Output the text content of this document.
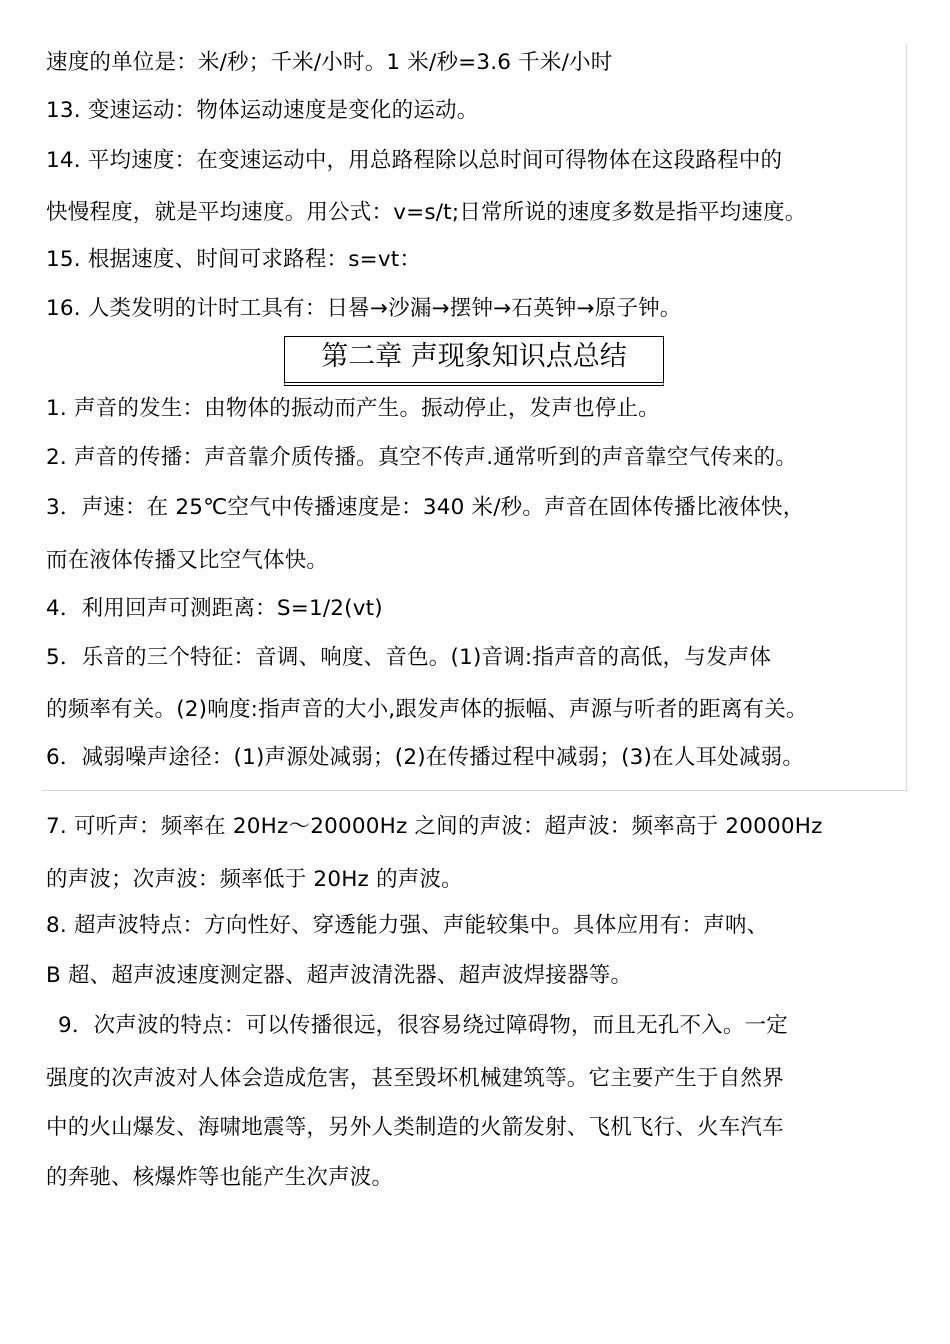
速度的单位是：米/秒；千米/小时。1 米/秒=3.6 千米/小时
13. 变速运动：物体运动速度是变化的运动。
14. 平均速度：在变速运动中，用总路程除以总时间可得物体在这段路程中的
快慢程度，就是平均速度。用公式：v=s/t;日常所说的速度多数是指平均速度。
15. 根据速度、时间可求路程：s=vt：
16. 人类发明的计时工具有：日晷→沙漏→摆钟→石英钟→原子钟。
第二章 声现象知识点总结
1. 声音的发生：由物体的振动而产生。振动停止，发声也停止。
2. 声音的传播：声音靠介质传播。真空不传声.通常听到的声音靠空气传来的。
3．声速：在 25℃空气中传播速度是：340 米/秒。声音在固体传播比液体快，
而在液体传播又比空气体快。
4．利用回声可测距离：S=1/2(vt)
5．乐音的三个特征：音调、响度、音色。(1)音调:指声音的高低，与发声体
的频率有关。(2)响度:指声音的大小,跟发声体的振幅、声源与听者的距离有关。
6．减弱噪声途径：(1)声源处减弱；(2)在传播过程中减弱；(3)在人耳处减弱。
7. 可听声：频率在 20Hz～20000Hz 之间的声波：超声波：频率高于 20000Hz
的声波；次声波：频率低于 20Hz 的声波。
8. 超声波特点：方向性好、穿透能力强、声能较集中。具体应用有：声呐、
B 超、超声波速度测定器、超声波清洗器、超声波焊接器等。
9．次声波的特点：可以传播很远，很容易绕过障碍物，而且无孔不入。一定
强度的次声波对人体会造成危害，甚至毁坏机械建筑等。它主要产生于自然界
中的火山爆发、海啸地震等，另外人类制造的火箭发射、飞机飞行、火车汽车
的奔驰、核爆炸等也能产生次声波。
